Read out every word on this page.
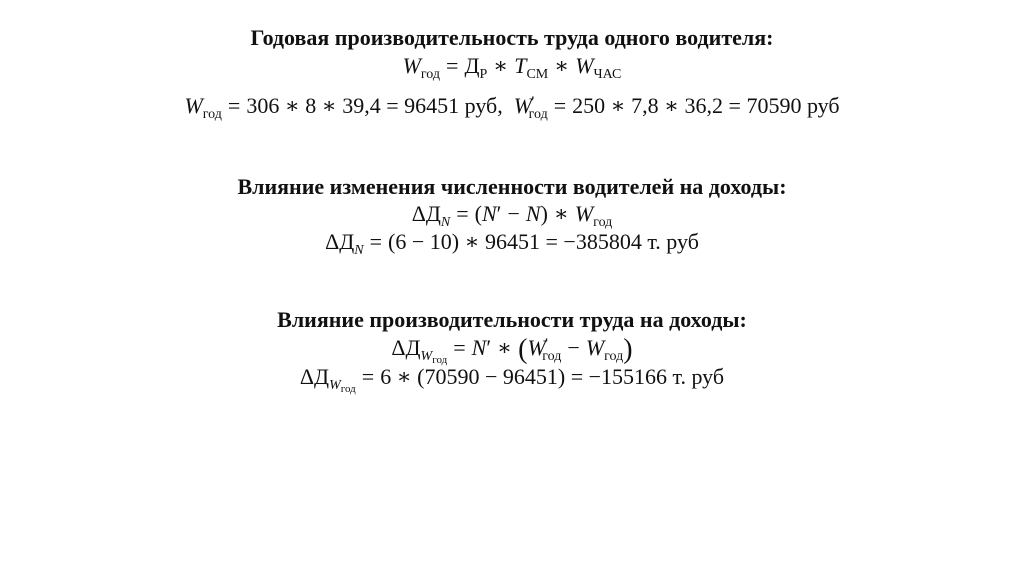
Годовая производительность труда одного водителя:
$W_{год} = Д_Р$ ∗ $T_{СМ}$ ∗ $W_{ЧАС}$
$W_{год} = 306$ ∗ 8 ∗ 39,4 = 96451 руб, $W'_{год} = 250$ ∗ 7,8 ∗ 36,2 = 70590 руб
Влияние изменения численности водителей на доходы:
$\Delta Д_N = (N' - N)$ ∗ $W_{год}$
$\Delta Д_N = (6 - 10)$ ∗ 96451 = −385804 т. руб
Влияние производительности труда на доходы:
$\Delta Д_{W_{год}} = N'$ ∗ $(W'_{год} - W_{год})$
$\Delta Д_{W_{год}} = 6$ ∗ (70590 − 96451) = −155166 т. руб
